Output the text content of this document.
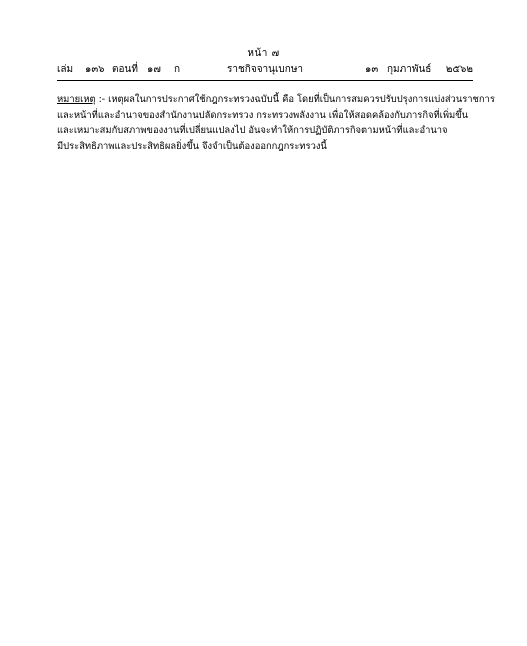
หน้า ๗
เล่ม ๑๓๖ ตอนที่ ๑๗ ก	ราชกิจจานุเบกษา	๑๓ กุมภาพันธ์ ๒๕๖๒
หมายเหตุ :- เหตุผลในการประกาศใช้กฎกระทรวงฉบับนี้ คือ โดยที่เป็นการสมควรปรับปรุงการแบ่งส่วนราชการ
และหน้าที่และอำนาจของสำนักงานปลัดกระทรวง กระทรวงพลังงาน เพื่อให้สอดคล้องกับภารกิจที่เพิ่มขึ้น
และเหมาะสมกับสภาพของงานที่เปลี่ยนแปลงไป อันจะทำให้การปฏิบัติภารกิจตามหน้าที่และอำนาจ
มีประสิทธิภาพและประสิทธิผลยิ่งขึ้น จึงจำเป็นต้องออกกฎกระทรวงนี้
